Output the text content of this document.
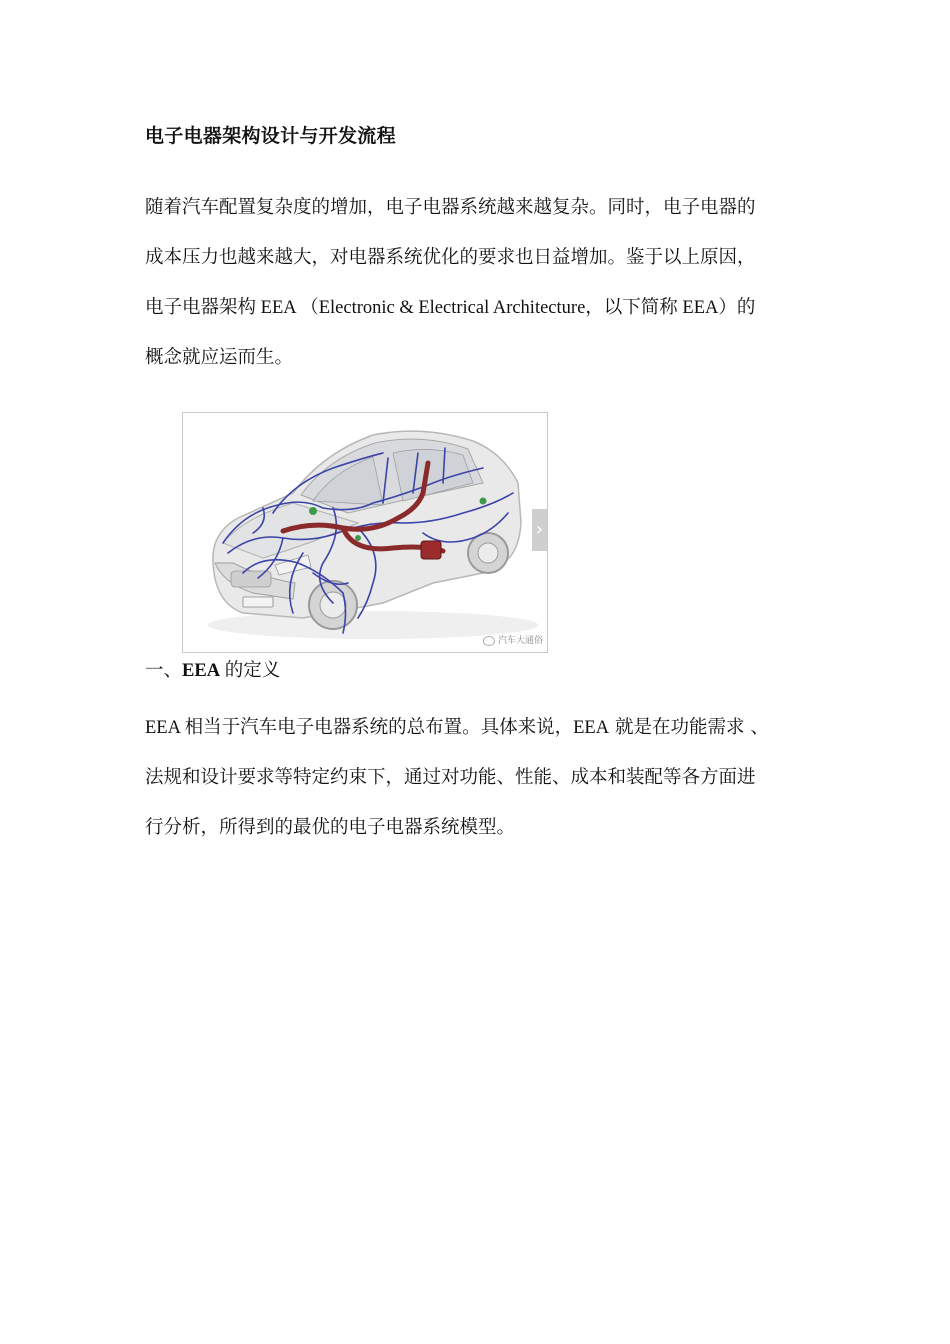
电子电器架构设计与开发流程

随着汽车配置复杂度的增加，电子电器系统越来越复杂。同时，电子电器的
成本压力也越来越大，对电器系统优化的要求也日益增加。鉴于以上原因，
电子电器架构 EEA （Electronic & Electrical Architecture，以下简称 EEA）的
概念就应运而生。

›
汽车大通俗
一、EEA 的定义

EEA 相当于汽车电子电器系统的总布置。具体来说，EEA 就是在功能需求 、
法规和设计要求等特定约束下，通过对功能、性能、成本和装配等各方面进
行分析，所得到的最优的电子电器系统模型。
